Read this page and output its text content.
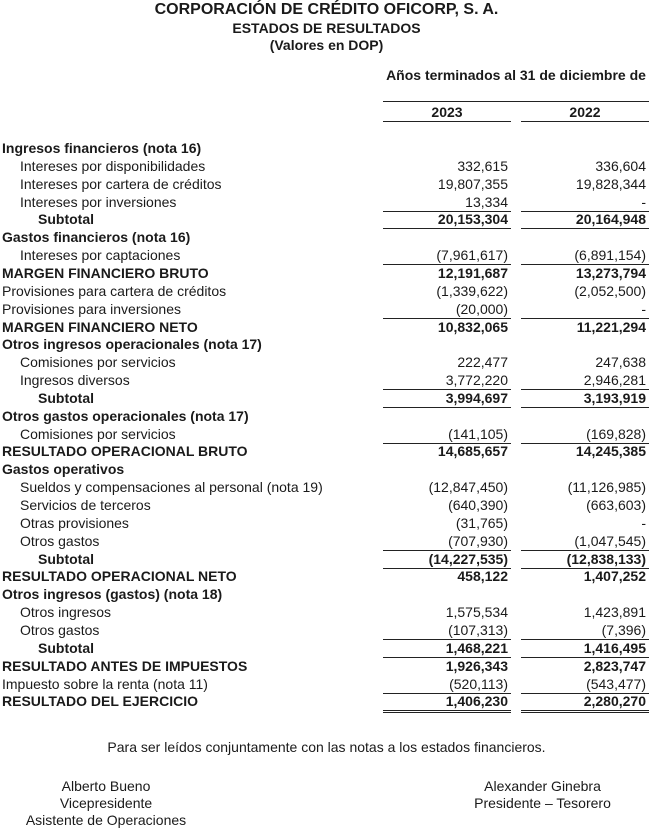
CORPORACIÓN DE CRÉDITO OFICORP, S. A.
ESTADOS DE RESULTADOS
(Valores en DOP)
Años terminados al 31 de diciembre de
2023	2022
Ingresos financieros (nota 16)
Intereses por disponibilidades	332,615	336,604
Intereses por cartera de créditos	19,807,355	19,828,344
Intereses por inversiones	13,334	-
Subtotal	20,153,304	20,164,948
Gastos financieros (nota 16)
Intereses por captaciones	(7,961,617)	(6,891,154)
MARGEN FINANCIERO BRUTO	12,191,687	13,273,794
Provisiones para cartera de créditos	(1,339,622)	(2,052,500)
Provisiones para inversiones	(20,000)	-
MARGEN FINANCIERO NETO	10,832,065	11,221,294
Otros ingresos operacionales (nota 17)
Comisiones por servicios	222,477	247,638
Ingresos diversos	3,772,220	2,946,281
Subtotal	3,994,697	3,193,919
Otros gastos operacionales (nota 17)
Comisiones por servicios	(141,105)	(169,828)
RESULTADO OPERACIONAL BRUTO	14,685,657	14,245,385
Gastos operativos
Sueldos y compensaciones al personal (nota 19)	(12,847,450)	(11,126,985)
Servicios de terceros	(640,390)	(663,603)
Otras provisiones	(31,765)	-
Otros gastos	(707,930)	(1,047,545)
Subtotal	(14,227,535)	(12,838,133)
RESULTADO OPERACIONAL NETO	458,122	1,407,252
Otros ingresos (gastos) (nota 18)
Otros ingresos	1,575,534	1,423,891
Otros gastos	(107,313)	(7,396)
Subtotal	1,468,221	1,416,495
RESULTADO ANTES DE IMPUESTOS	1,926,343	2,823,747
Impuesto sobre la renta (nota 11)	(520,113)	(543,477)
RESULTADO DEL EJERCICIO	1,406,230	2,280,270
Para ser leídos conjuntamente con las notas a los estados financieros.
Alberto Bueno
Vicepresidente
Asistente de Operaciones
Alexander Ginebra
Presidente – Tesorero
